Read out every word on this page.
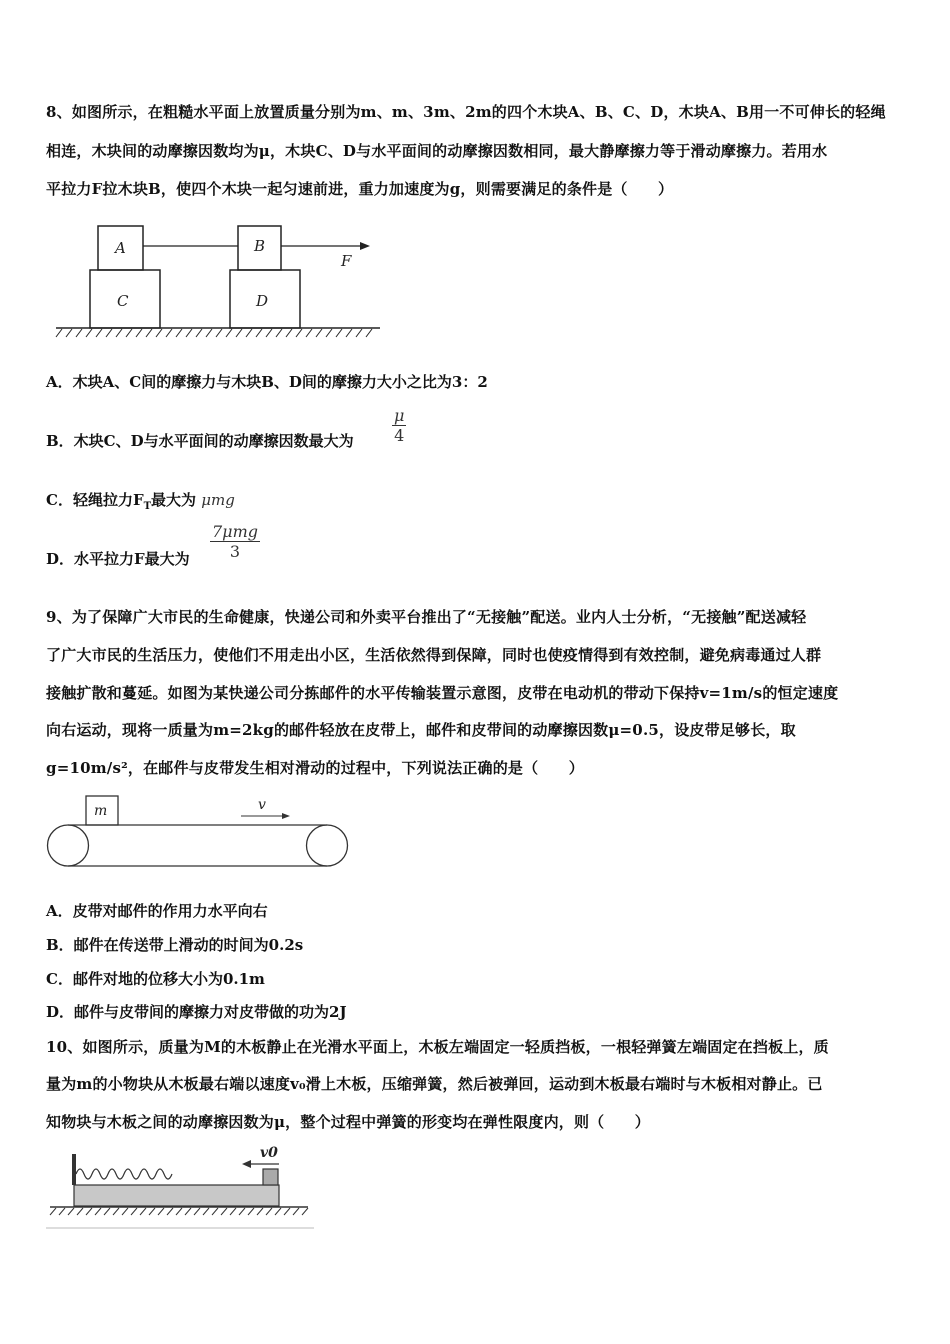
8、如图所示，在粗糙水平面上放置质量分别为m、m、3m、2m的四个木块A、B、C、D，木块A、B用一不可伸长的轻绳
相连，木块间的动摩擦因数均为μ，木块C、D与水平面间的动摩擦因数相同，最大静摩擦力等于滑动摩擦力。若用水
平拉力F拉木块B，使四个木块一起匀速前进，重力加速度为g，则需要满足的条件是（　　）
A
C
B
D
F
A．木块A、C间的摩擦力与木块B、D间的摩擦力大小之比为3：2
B．木块C、D与水平面间的动摩擦因数最大为 $\frac{\mu}{4}$
C．轻绳拉力$F_T$最大为 μmg
D．水平拉力F最大为
7μmg
3
9、为了保障广大市民的生命健康，快递公司和外卖平台推出了“无接触”配送。业内人士分析，“无接触”配送减轻
了广大市民的生活压力，使他们不用走出小区，生活依然得到保障，同时也使疫情得到有效控制，避免病毒通过人群
接触扩散和蔓延。如图为某快递公司分拣邮件的水平传输装置示意图，皮带在电动机的带动下保持v=1m/s的恒定速度
向右运动，现将一质量为m=2kg的邮件轻放在皮带上，邮件和皮带间的动摩擦因数μ=0.5，设皮带足够长，取
g=10m/s²，在邮件与皮带发生相对滑动的过程中，下列说法正确的是（　　）
m	v
A．皮带对邮件的作用力水平向右
B．邮件在传送带上滑动的时间为0.2s
C．邮件对地的位移大小为0.1m
D．邮件与皮带间的摩擦力对皮带做的功为2J
10、如图所示，质量为M的木板静止在光滑水平面上，木板左端固定一轻质挡板，一根轻弹簧左端固定在挡板上，质
量为m的小物块从木板最右端以速度v₀滑上木板，压缩弹簧，然后被弹回，运动到木板最右端时与木板相对静止。已
知物块与木板之间的动摩擦因数为μ，整个过程中弹簧的形变均在弹性限度内，则（　　）
v0
